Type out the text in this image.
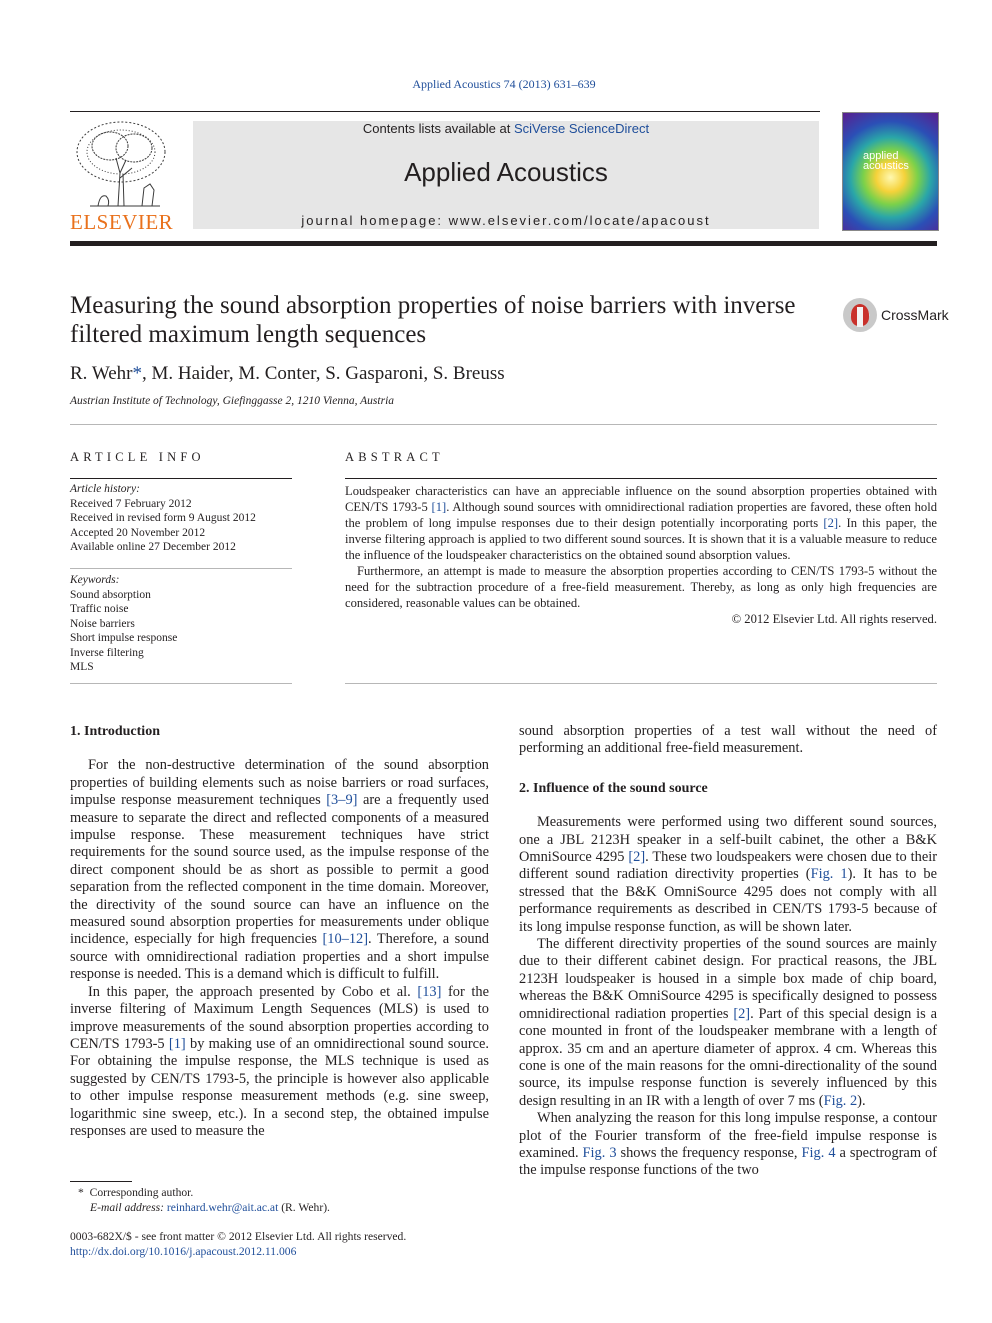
Applied Acoustics 74 (2013) 631–639
ELSEVIER
Contents lists available at SciVerse ScienceDirect
Applied Acoustics
journal homepage: www.elsevier.com/locate/apacoust
applied acoustics
Measuring the sound absorption properties of noise barriers with inverse filtered maximum length sequences
CrossMark
R. Wehr*, M. Haider, M. Conter, S. Gasparoni, S. Breuss
Austrian Institute of Technology, Giefinggasse 2, 1210 Vienna, Austria
ARTICLE INFO
Article history:
Received 7 February 2012
Received in revised form 9 August 2012
Accepted 20 November 2012
Available online 27 December 2012
Keywords:
Sound absorption
Traffic noise
Noise barriers
Short impulse response
Inverse filtering
MLS
ABSTRACT

Loudspeaker characteristics can have an appreciable influence on the sound absorption properties obtained with CEN/TS 1793-5 [1]. Although sound sources with omnidirectional radiation properties are favored, these often hold the problem of long impulse responses due to their design potentially incorporating ports [2]. In this paper, the inverse filtering approach is applied to two different sound sources. It is shown that it is a valuable measure to reduce the influence of the loudspeaker characteristics on the obtained sound absorption values.

Furthermore, an attempt is made to measure the absorption properties according to CEN/TS 1793-5 without the need for the subtraction procedure of a free-field measurement. Thereby, as long as only high frequencies are considered, reasonable values can be obtained.

© 2012 Elsevier Ltd. All rights reserved.

1. Introduction

For the non-destructive determination of the sound absorption properties of building elements such as noise barriers or road surfaces, impulse response measurement techniques [3–9] are a frequently used measure to separate the direct and reflected components of a measured impulse response. These measurement techniques have strict requirements for the sound source used, as the impulse response of the direct component should be as short as possible to permit a good separation from the reflected component in the time domain. Moreover, the directivity of the sound source can have an influence on the measured sound absorption properties for measurements under oblique incidence, especially for high frequencies [10–12]. Therefore, a sound source with omnidirectional radiation properties and a short impulse response is needed. This is a demand which is difficult to fulfill.

In this paper, the approach presented by Cobo et al. [13] for the inverse filtering of Maximum Length Sequences (MLS) is used to improve measurements of the sound absorption properties according to CEN/TS 1793-5 [1] by making use of an omnidirectional sound source. For obtaining the impulse response, the MLS technique is used as suggested by CEN/TS 1793-5, the principle is however also applicable to other impulse response measurement methods (e.g. sine sweep, logarithmic sine sweep, etc.). In a second step, the obtained impulse responses are used to measure the

sound absorption properties of a test wall without the need of performing an additional free-field measurement.
2. Influence of the sound source

Measurements were performed using two different sound sources, one a JBL 2123H speaker in a self-built cabinet, the other a B&K OmniSource 4295 [2]. These two loudspeakers were chosen due to their different sound radiation directivity properties (Fig. 1). It has to be stressed that the B&K OmniSource 4295 does not comply with all performance requirements as described in CEN/TS 1793-5 because of its long impulse response function, as will be shown later.

The different directivity properties of the sound sources are mainly due to their different cabinet design. For practical reasons, the JBL 2123H loudspeaker is housed in a simple box made of chip board, whereas the B&K OmniSource 4295 is specifically designed to possess omnidirectional radiation properties [2]. Part of this special design is a cone mounted in front of the loudspeaker membrane with a length of approx. 35 cm and an aperture diameter of approx. 4 cm. Whereas this cone is one of the main reasons for the omni-directionality of the sound source, its impulse response function is severely influenced by this design resulting in an IR with a length of over 7 ms (Fig. 2).

When analyzing the reason for this long impulse response, a contour plot of the Fourier transform of the free-field impulse response is examined. Fig. 3 shows the frequency response, Fig. 4 a spectrogram of the impulse response functions of the two

* Corresponding author.
E-mail address: reinhard.wehr@ait.ac.at (R. Wehr).
0003-682X/$ - see front matter © 2012 Elsevier Ltd. All rights reserved.
http://dx.doi.org/10.1016/j.apacoust.2012.11.006
